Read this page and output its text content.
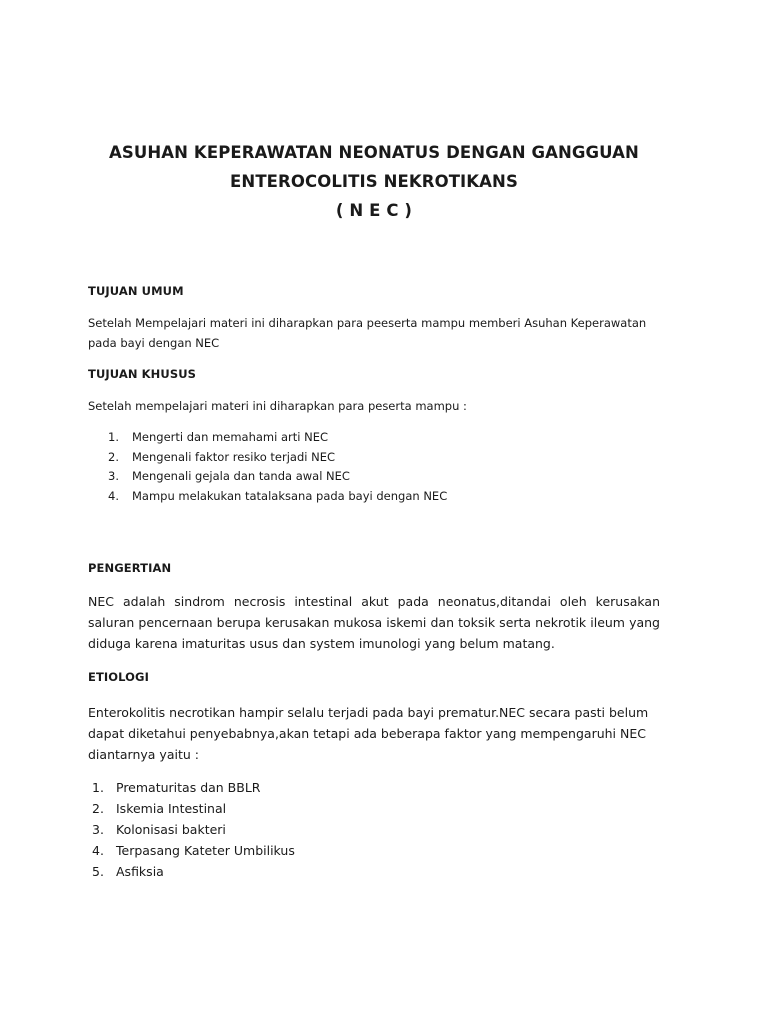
ASUHAN KEPERAWATAN NEONATUS DENGAN GANGGUAN
ENTEROCOLITIS NEKROTIKANS
( N E C )
TUJUAN UMUM
Setelah Mempelajari materi ini diharapkan para peeserta mampu memberi Asuhan Keperawatan pada bayi dengan NEC
TUJUAN KHUSUS
Setelah mempelajari materi ini diharapkan para peserta mampu :
1. Mengerti dan memahami arti NEC
2. Mengenali faktor resiko terjadi NEC
3. Mengenali gejala dan tanda awal NEC
4. Mampu melakukan tatalaksana pada bayi dengan NEC
PENGERTIAN
NEC adalah sindrom necrosis intestinal akut pada neonatus,ditandai oleh kerusakan saluran pencernaan berupa kerusakan mukosa iskemi dan toksik serta nekrotik ileum yang diduga karena imaturitas usus dan system imunologi yang belum matang.
ETIOLOGI
Enterokolitis necrotikan hampir selalu terjadi pada bayi prematur.NEC secara pasti belum dapat diketahui penyebabnya,akan tetapi ada beberapa faktor yang mempengaruhi NEC diantarnya yaitu :
1. Prematuritas dan BBLR
2. Iskemia Intestinal
3. Kolonisasi bakteri
4. Terpasang Kateter Umbilikus
5. Asfiksia
